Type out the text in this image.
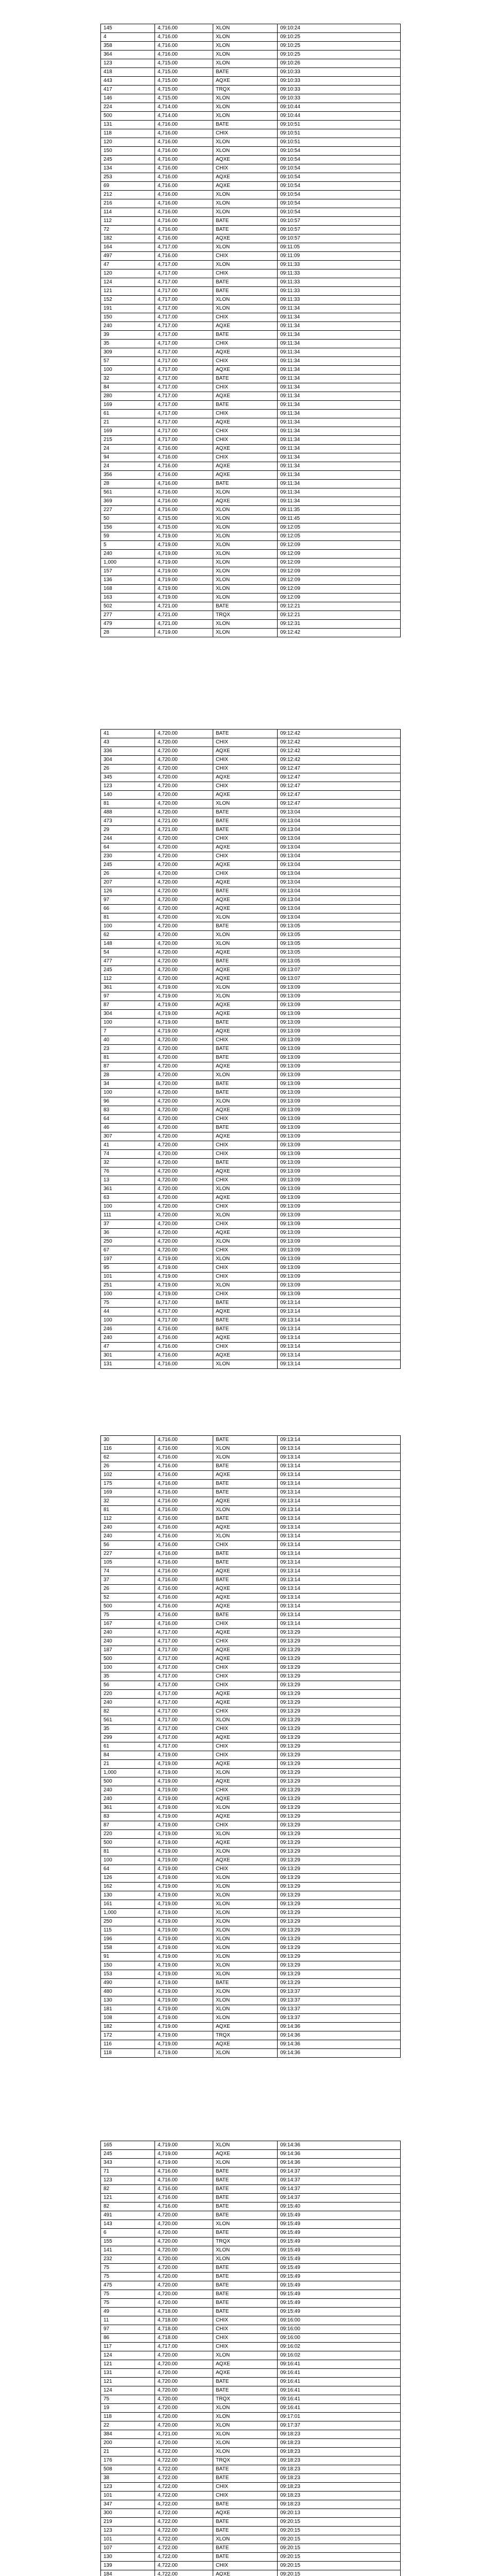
145	4,716.00	XLON	09:10:24
4	4,716.00	XLON	09:10:25
358	4,716.00	XLON	09:10:25
364	4,716.00	XLON	09:10:25
123	4,715.00	XLON	09:10:26
418	4,715.00	BATE	09:10:33
443	4,715.00	AQXE	09:10:33
417	4,715.00	TRQX	09:10:33
146	4,715.00	XLON	09:10:33
224	4,714.00	XLON	09:10:44
500	4,714.00	XLON	09:10:44
131	4,716.00	BATE	09:10:51
118	4,716.00	CHIX	09:10:51
120	4,716.00	XLON	09:10:51
150	4,716.00	XLON	09:10:54
245	4,716.00	AQXE	09:10:54
134	4,716.00	CHIX	09:10:54
253	4,716.00	AQXE	09:10:54
69	4,716.00	AQXE	09:10:54
212	4,716.00	XLON	09:10:54
216	4,716.00	XLON	09:10:54
114	4,716.00	XLON	09:10:54
112	4,716.00	BATE	09:10:57
72	4,716.00	BATE	09:10:57
182	4,716.00	AQXE	09:10:57
164	4,717.00	XLON	09:11:05
497	4,716.00	CHIX	09:11:09
47	4,717.00	XLON	09:11:33
120	4,717.00	CHIX	09:11:33
124	4,717.00	BATE	09:11:33
121	4,717.00	BATE	09:11:33
152	4,717.00	XLON	09:11:33
191	4,717.00	XLON	09:11:34
150	4,717.00	CHIX	09:11:34
240	4,717.00	AQXE	09:11:34
39	4,717.00	BATE	09:11:34
35	4,717.00	CHIX	09:11:34
309	4,717.00	AQXE	09:11:34
57	4,717.00	CHIX	09:11:34
100	4,717.00	AQXE	09:11:34
32	4,717.00	BATE	09:11:34
84	4,717.00	CHIX	09:11:34
280	4,717.00	AQXE	09:11:34
169	4,717.00	BATE	09:11:34
61	4,717.00	CHIX	09:11:34
21	4,717.00	AQXE	09:11:34
169	4,717.00	CHIX	09:11:34
215	4,717.00	CHIX	09:11:34
24	4,716.00	AQXE	09:11:34
94	4,716.00	CHIX	09:11:34
24	4,716.00	AQXE	09:11:34
356	4,716.00	AQXE	09:11:34
28	4,716.00	BATE	09:11:34
561	4,716.00	XLON	09:11:34
369	4,716.00	AQXE	09:11:34
227	4,716.00	XLON	09:11:35
50	4,715.00	XLON	09:11:45
156	4,715.00	XLON	09:12:05
59	4,719.00	XLON	09:12:05
5	4,719.00	XLON	09:12:09
240	4,719.00	XLON	09:12:09
1,000	4,719.00	XLON	09:12:09
157	4,719.00	XLON	09:12:09
136	4,719.00	XLON	09:12:09
168	4,719.00	XLON	09:12:09
163	4,719.00	XLON	09:12:09
502	4,721.00	BATE	09:12:21
277	4,721.00	TRQX	09:12:21
479	4,721.00	XLON	09:12:31
28	4,719.00	XLON	09:12:42
41	4,720.00	BATE	09:12:42
43	4,720.00	CHIX	09:12:42
336	4,720.00	AQXE	09:12:42
304	4,720.00	CHIX	09:12:42
26	4,720.00	CHIX	09:12:47
345	4,720.00	AQXE	09:12:47
123	4,720.00	CHIX	09:12:47
140	4,720.00	AQXE	09:12:47
81	4,720.00	XLON	09:12:47
488	4,720.00	BATE	09:13:04
473	4,721.00	BATE	09:13:04
29	4,721.00	BATE	09:13:04
244	4,720.00	CHIX	09:13:04
64	4,720.00	AQXE	09:13:04
230	4,720.00	CHIX	09:13:04
245	4,720.00	AQXE	09:13:04
26	4,720.00	CHIX	09:13:04
207	4,720.00	AQXE	09:13:04
126	4,720.00	BATE	09:13:04
97	4,720.00	AQXE	09:13:04
66	4,720.00	AQXE	09:13:04
81	4,720.00	XLON	09:13:04
100	4,720.00	BATE	09:13:05
62	4,720.00	XLON	09:13:05
148	4,720.00	XLON	09:13:05
54	4,720.00	AQXE	09:13:05
477	4,720.00	BATE	09:13:05
245	4,720.00	AQXE	09:13:07
112	4,720.00	AQXE	09:13:07
361	4,719.00	XLON	09:13:09
97	4,719.00	XLON	09:13:09
87	4,719.00	AQXE	09:13:09
304	4,719.00	AQXE	09:13:09
100	4,719.00	BATE	09:13:09
7	4,719.00	AQXE	09:13:09
40	4,720.00	CHIX	09:13:09
23	4,720.00	BATE	09:13:09
81	4,720.00	BATE	09:13:09
87	4,720.00	AQXE	09:13:09
28	4,720.00	XLON	09:13:09
34	4,720.00	BATE	09:13:09
100	4,720.00	BATE	09:13:09
96	4,720.00	XLON	09:13:09
83	4,720.00	AQXE	09:13:09
64	4,720.00	CHIX	09:13:09
46	4,720.00	BATE	09:13:09
307	4,720.00	AQXE	09:13:09
41	4,720.00	CHIX	09:13:09
74	4,720.00	CHIX	09:13:09
32	4,720.00	BATE	09:13:09
76	4,720.00	AQXE	09:13:09
13	4,720.00	CHIX	09:13:09
361	4,720.00	XLON	09:13:09
63	4,720.00	AQXE	09:13:09
100	4,720.00	CHIX	09:13:09
111	4,720.00	XLON	09:13:09
37	4,720.00	CHIX	09:13:09
36	4,720.00	AQXE	09:13:09
250	4,720.00	XLON	09:13:09
67	4,720.00	CHIX	09:13:09
197	4,719.00	XLON	09:13:09
95	4,719.00	CHIX	09:13:09
101	4,719.00	CHIX	09:13:09
251	4,719.00	XLON	09:13:09
100	4,719.00	CHIX	09:13:09
75	4,717.00	BATE	09:13:14
44	4,717.00	AQXE	09:13:14
100	4,717.00	BATE	09:13:14
246	4,716.00	BATE	09:13:14
240	4,716.00	AQXE	09:13:14
47	4,716.00	CHIX	09:13:14
301	4,716.00	AQXE	09:13:14
131	4,716.00	XLON	09:13:14
30	4,716.00	BATE	09:13:14
116	4,716.00	XLON	09:13:14
62	4,716.00	XLON	09:13:14
26	4,716.00	BATE	09:13:14
102	4,716.00	AQXE	09:13:14
175	4,716.00	BATE	09:13:14
169	4,716.00	BATE	09:13:14
32	4,716.00	AQXE	09:13:14
81	4,716.00	XLON	09:13:14
112	4,716.00	BATE	09:13:14
240	4,716.00	AQXE	09:13:14
240	4,716.00	XLON	09:13:14
56	4,716.00	CHIX	09:13:14
227	4,716.00	BATE	09:13:14
105	4,716.00	BATE	09:13:14
74	4,716.00	AQXE	09:13:14
37	4,716.00	BATE	09:13:14
26	4,716.00	AQXE	09:13:14
52	4,716.00	AQXE	09:13:14
500	4,716.00	AQXE	09:13:14
75	4,716.00	BATE	09:13:14
167	4,716.00	CHIX	09:13:14
240	4,717.00	AQXE	09:13:29
240	4,717.00	CHIX	09:13:29
187	4,717.00	AQXE	09:13:29
500	4,717.00	AQXE	09:13:29
100	4,717.00	CHIX	09:13:29
35	4,717.00	CHIX	09:13:29
56	4,717.00	CHIX	09:13:29
220	4,717.00	AQXE	09:13:29
240	4,717.00	AQXE	09:13:29
82	4,717.00	CHIX	09:13:29
561	4,717.00	XLON	09:13:29
35	4,717.00	CHIX	09:13:29
299	4,717.00	AQXE	09:13:29
61	4,717.00	CHIX	09:13:29
84	4,719.00	CHIX	09:13:29
21	4,719.00	AQXE	09:13:29
1,000	4,719.00	XLON	09:13:29
500	4,719.00	AQXE	09:13:29
240	4,719.00	CHIX	09:13:29
240	4,719.00	AQXE	09:13:29
361	4,719.00	XLON	09:13:29
83	4,719.00	AQXE	09:13:29
87	4,719.00	CHIX	09:13:29
220	4,719.00	XLON	09:13:29
500	4,719.00	AQXE	09:13:29
81	4,719.00	XLON	09:13:29
100	4,719.00	AQXE	09:13:29
64	4,719.00	CHIX	09:13:29
126	4,719.00	XLON	09:13:29
162	4,719.00	XLON	09:13:29
130	4,719.00	XLON	09:13:29
161	4,719.00	XLON	09:13:29
1,000	4,719.00	XLON	09:13:29
250	4,719.00	XLON	09:13:29
115	4,719.00	XLON	09:13:29
196	4,719.00	XLON	09:13:29
158	4,719.00	XLON	09:13:29
91	4,719.00	XLON	09:13:29
150	4,719.00	XLON	09:13:29
153	4,719.00	XLON	09:13:29
490	4,719.00	BATE	09:13:29
480	4,719.00	XLON	09:13:37
130	4,719.00	XLON	09:13:37
181	4,719.00	XLON	09:13:37
108	4,719.00	XLON	09:13:37
182	4,719.00	AQXE	09:14:36
172	4,719.00	TRQX	09:14:36
116	4,719.00	AQXE	09:14:36
118	4,719.00	XLON	09:14:36
165	4,719.00	XLON	09:14:36
245	4,719.00	AQXE	09:14:36
343	4,719.00	XLON	09:14:36
71	4,716.00	BATE	09:14:37
123	4,716.00	BATE	09:14:37
82	4,716.00	BATE	09:14:37
121	4,716.00	BATE	09:14:37
82	4,716.00	BATE	09:15:40
491	4,720.00	BATE	09:15:49
143	4,720.00	XLON	09:15:49
6	4,720.00	BATE	09:15:49
155	4,720.00	TRQX	09:15:49
141	4,720.00	XLON	09:15:49
232	4,720.00	XLON	09:15:49
75	4,720.00	BATE	09:15:49
75	4,720.00	BATE	09:15:49
475	4,720.00	BATE	09:15:49
75	4,720.00	BATE	09:15:49
75	4,720.00	BATE	09:15:49
49	4,718.00	BATE	09:15:49
11	4,718.00	CHIX	09:16:00
97	4,718.00	CHIX	09:16:00
86	4,718.00	CHIX	09:16:00
117	4,717.00	CHIX	09:16:02
124	4,720.00	XLON	09:16:02
121	4,720.00	AQXE	09:16:41
131	4,720.00	AQXE	09:16:41
121	4,720.00	BATE	09:16:41
124	4,720.00	BATE	09:16:41
75	4,720.00	TRQX	09:16:41
19	4,720.00	XLON	09:16:41
118	4,720.00	XLON	09:17:01
22	4,720.00	XLON	09:17:37
384	4,721.00	XLON	09:18:23
200	4,720.00	XLON	09:18:23
21	4,722.00	XLON	09:18:23
176	4,722.00	TRQX	09:18:23
508	4,722.00	BATE	09:18:23
38	4,722.00	BATE	09:18:23
123	4,722.00	CHIX	09:18:23
101	4,722.00	CHIX	09:18:23
347	4,722.00	BATE	09:18:23
300	4,722.00	AQXE	09:20:13
219	4,722.00	BATE	09:20:15
123	4,722.00	BATE	09:20:15
101	4,722.00	XLON	09:20:15
107	4,722.00	BATE	09:20:15
130	4,722.00	BATE	09:20:15
139	4,722.00	CHIX	09:20:15
184	4,722.00	AQXE	09:20:15
